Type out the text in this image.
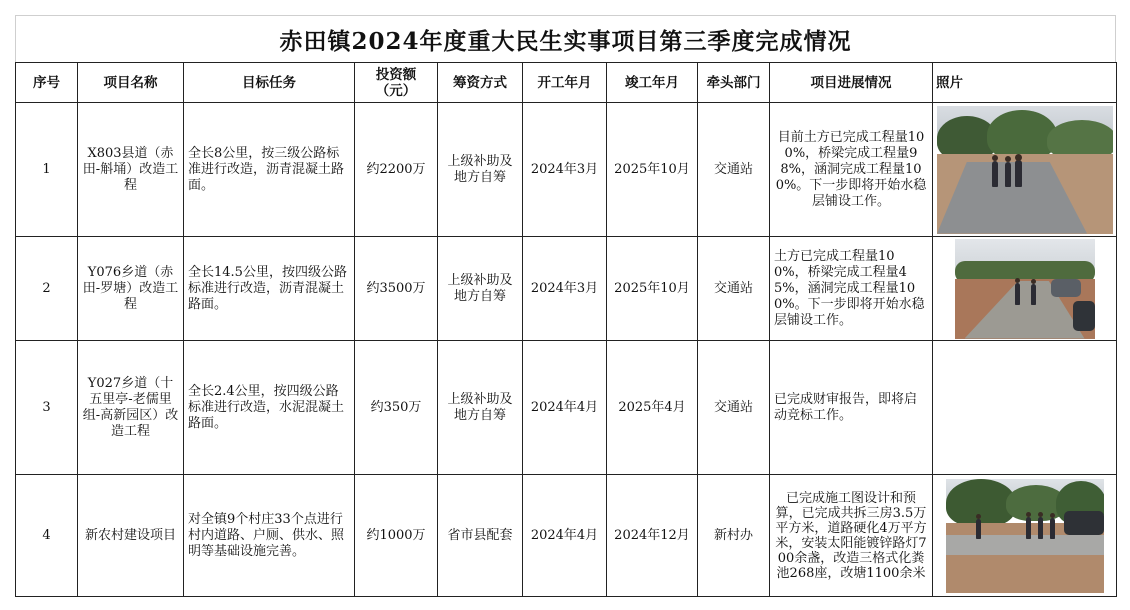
赤田镇2024年度重大民生实事项目第三季度完成情况
序号	项目名称	目标任务	投资额（元）	筹资方式	开工年月	竣工年月	牵头部门	项目进展情况	照片
1	X803县道（赤田-斛埇）改造工程	全长8公里，按三级公路标准进行改造，沥青混凝土路面。	约2200万	上级补助及地方自筹	2024年3月	2025年10月	交通站	目前土方已完成工程量100%，桥梁完成工程量98%，涵洞完成工程量100%。下一步即将开始水稳层铺设工作。	

2	Y076乡道（赤田-罗塘）改造工程	全长14.5公里，按四级公路标准进行改造，沥青混凝土路面。	约3500万	上级补助及地方自筹	2024年3月	2025年10月	交通站	土方已完成工程量100%，桥梁完成工程量45%，涵洞完成工程量100%。下一步即将开始水稳层铺设工作。	

3	Y027乡道（十五里亭-老儒里组-高新园区）改造工程	全长2.4公里，按四级公路标准进行改造，水泥混凝土路面。	约350万	上级补助及地方自筹	2024年4月	2025年4月	交通站	已完成财审报告，即将启动竞标工作。	
4	新农村建设项目	对全镇9个村庄33个点进行村内道路、户厕、供水、照明等基础设施完善。	约1000万	省市县配套	2024年4月	2024年12月	新村办	已完成施工图设计和预算，已完成共拆三房3.5万平方米，道路硬化4万平方米，安装太阳能镀锌路灯700余盏，改造三格式化粪池268座，改塘1100余米	
